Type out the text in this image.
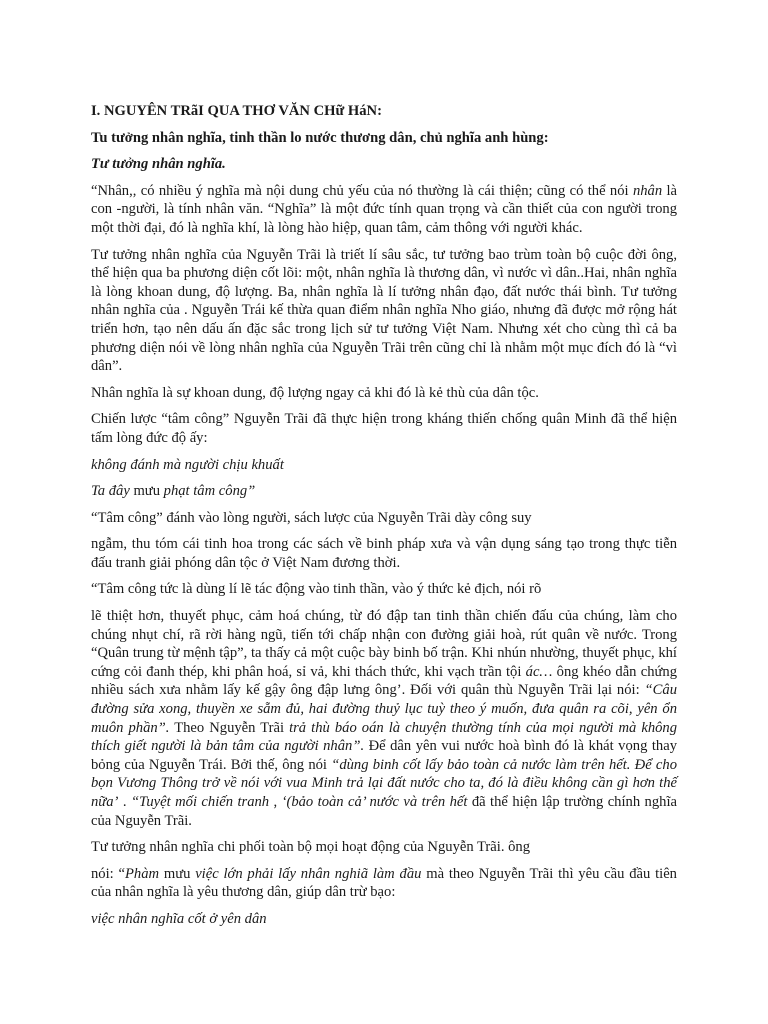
I. NGUYÊN TRãI QUA THƠ VĂN CHữ HáN:

Tu tưởng nhân nghĩa, tinh thần lo nước thương dân, chủ nghĩa anh hùng:

Tư tưởng nhân nghĩa.

“Nhân,, có nhiều ý nghĩa mà nội dung chủ yếu của nó thường là cái thiện; cũng có thể nói nhân là con -người, là tính nhân văn. “Nghĩa” là một đức tính quan trọng và cần thiết của con người trong một thời đại, đó là nghĩa khí, là lòng hào hiệp, quan tâm, cảm thông với người khác.

Tư tưởng nhân nghĩa của Nguyễn Trãi là triết lí sâu sắc, tư tưởng bao trùm toàn bộ cuộc đời ông, thể hiện qua ba phương diện cốt lõi: một, nhân nghĩa là thương dân, vì nước vì dân..Hai, nhân nghĩa là lòng khoan dung, độ lượng. Ba, nhân nghĩa là lí tưởng nhân đạo, đất nước thái bình. Tư tưởng nhân nghĩa của . Nguyễn Trái kế thừa quan điểm nhân nghĩa Nho giáo, nhưng đã được mở rộng hát triển hơn, tạo nên dấu ấn đặc sắc trong lịch sử tư tưởng Việt Nam. Nhưng xét cho cùng thì cả ba phương diện nói về lòng nhân nghĩa của Nguyễn Trãi trên cũng chỉ là nhằm một mục đích đó là “vì dân”.

Nhân nghĩa là sự khoan dung, độ lượng ngay cả khi đó là kẻ thù của dân tộc.

Chiến lược “tâm công” Nguyễn Trãi đã thực hiện trong kháng thiến chống quân Minh đã thể hiện tấm lòng đức độ ấy:

không đánh mà người chịu khuất

Ta đây mưu phạt tâm công”

“Tâm công” đánh vào lòng người, sách lược của Nguyễn Trãi dày công suy

ngẫm, thu tóm cái tinh hoa trong các sách về binh pháp xưa và vận dụng sáng tạo trong thực tiễn đấu tranh giải phóng dân tộc ở Việt Nam đương thời.

“Tâm công tức là dùng lí lẽ tác động vào tinh thần, vào ý thức kẻ địch, nói rõ

lẽ thiệt hơn, thuyết phục, cảm hoá chúng, từ đó đập tan tinh thần chiến đấu của chúng, làm cho chúng nhụt chí, rã rời hàng ngũ, tiến tới chấp nhận con đường giải hoà, rút quân về nước. Trong “Quân trung từ mệnh tập”, ta thấy cả một cuộc bày binh bố trận. Khi nhún nhường, thuyết phục, khí cứng cỏi đanh thép, khi phân hoá, sỉ vả, khi thách thức, khi vạch trần tội ác… ông khéo dẫn chứng nhiều sách xưa nhằm lấy kế gậy ông đập lưng ông’. Đối với quân thù Nguyễn Trãi lại nói: “Câu đường sửa xong, thuyền xe sẵm đủ, hai đường thuỷ lục tuỳ theo ý muốn, đưa quân ra cõi, yên ổn muôn phần”. Theo Nguyễn Trãi trả thù báo oán là chuyện thường tính của mọi người mà không thích giết người là bản tâm của người nhân”. Để dân yên vui nước hoà bình đó là khát vọng thay bỏng của Nguyễn Trái. Bởi thế, ông nói “dùng binh cốt lấy bảo toàn cả nước làm trên hết. Để cho bọn Vương Thông trở về nói với vua Minh trả lại đất nước cho ta, đó là điều không cần gì hơn thế nữa’ . “Tuyệt mối chiến tranh , ‘(bảo toàn cả’ nước và trên hết đã thể hiện lập trường chính nghĩa của Nguyễn Trãi.

Tư tưởng nhân nghĩa chi phối toàn bộ mọi hoạt động của Nguyễn Trãi. ông

nói: “Phàm mưu việc lớn phải lấy nhân nghiã làm đầu mà theo Nguyễn Trãi thì yêu cầu đầu tiên của nhân nghĩa là yêu thương dân, giúp dân trừ bạo:

việc nhân nghĩa cốt ở yên dân
